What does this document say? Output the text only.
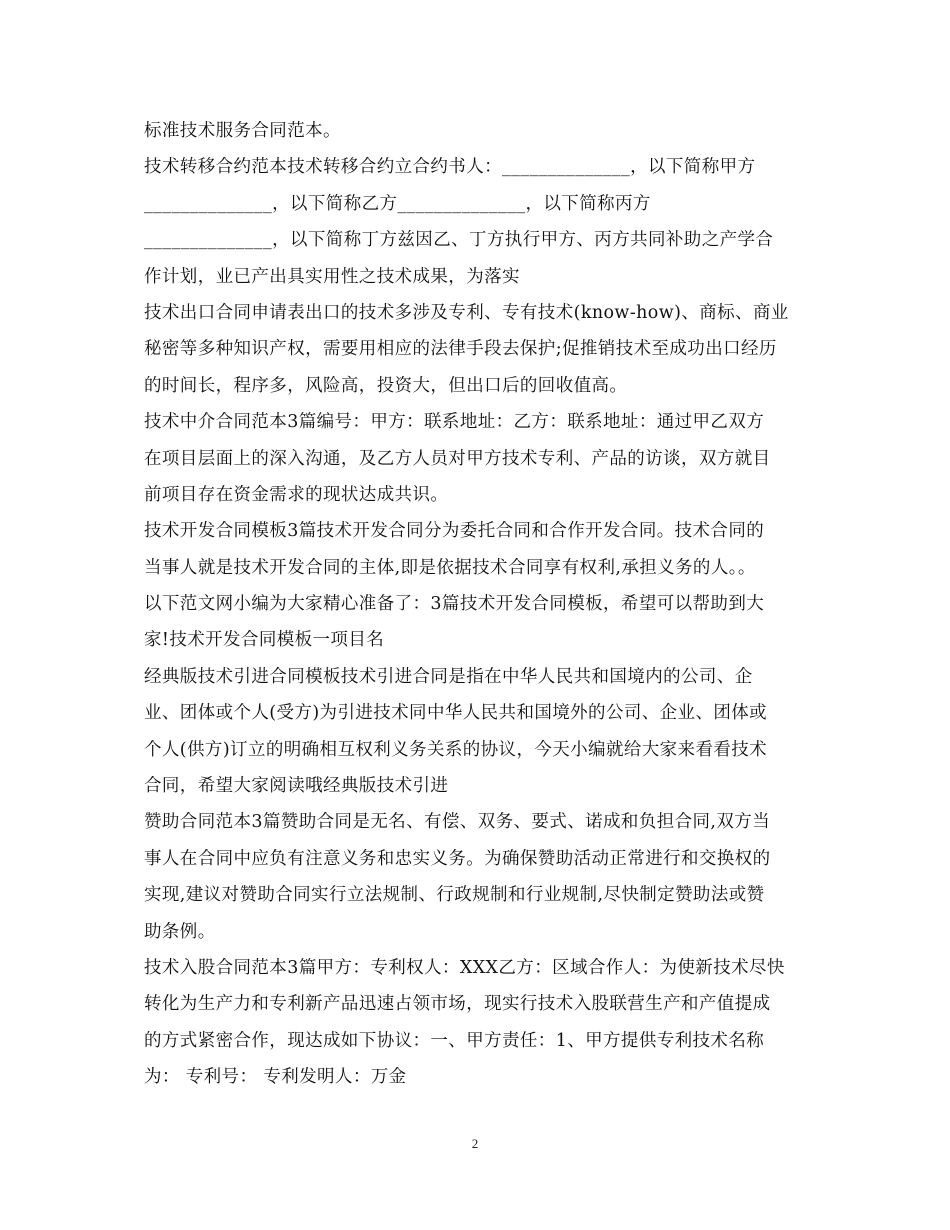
标准技术服务合同范本。
技术转移合约范本技术转移合约立合约书人：______________，以下简称甲方
______________，以下简称乙方______________，以下简称丙方
______________，以下简称丁方兹因乙、丁方执行甲方、丙方共同补助之产学合
作计划，业已产出具实用性之技术成果，为落实
技术出口合同申请表出口的技术多涉及专利、专有技术(know-how)、商标、商业
秘密等多种知识产权，需要用相应的法律手段去保护;促推销技术至成功出口经历
的时间长，程序多，风险高，投资大，但出口后的回收值高。
技术中介合同范本3篇编号：甲方：联系地址：乙方：联系地址：通过甲乙双方
在项目层面上的深入沟通，及乙方人员对甲方技术专利、产品的访谈，双方就目
前项目存在资金需求的现状达成共识。
技术开发合同模板3篇技术开发合同分为委托合同和合作开发合同。技术合同的
当事人就是技术开发合同的主体,即是依据技术合同享有权利,承担义务的人。。
以下范文网小编为大家精心准备了：3篇技术开发合同模板，希望可以帮助到大
家!技术开发合同模板一项目名
经典版技术引进合同模板技术引进合同是指在中华人民共和国境内的公司、企
业、团体或个人(受方)为引进技术同中华人民共和国境外的公司、企业、团体或
个人(供方)订立的明确相互权利义务关系的协议，今天小编就给大家来看看技术
合同，希望大家阅读哦经典版技术引进
赞助合同范本3篇赞助合同是无名、有偿、双务、要式、诺成和负担合同,双方当
事人在合同中应负有注意义务和忠实义务。为确保赞助活动正常进行和交换权的
实现,建议对赞助合同实行立法规制、行政规制和行业规制,尽快制定赞助法或赞
助条例。
技术入股合同范本3篇甲方：专利权人：XXX乙方：区域合作人：为使新技术尽快
转化为生产力和专利新产品迅速占领市场，现实行技术入股联营生产和产值提成
的方式紧密合作，现达成如下协议：一、甲方责任：1、甲方提供专利技术名称
为： 专利号： 专利发明人：万金
2
